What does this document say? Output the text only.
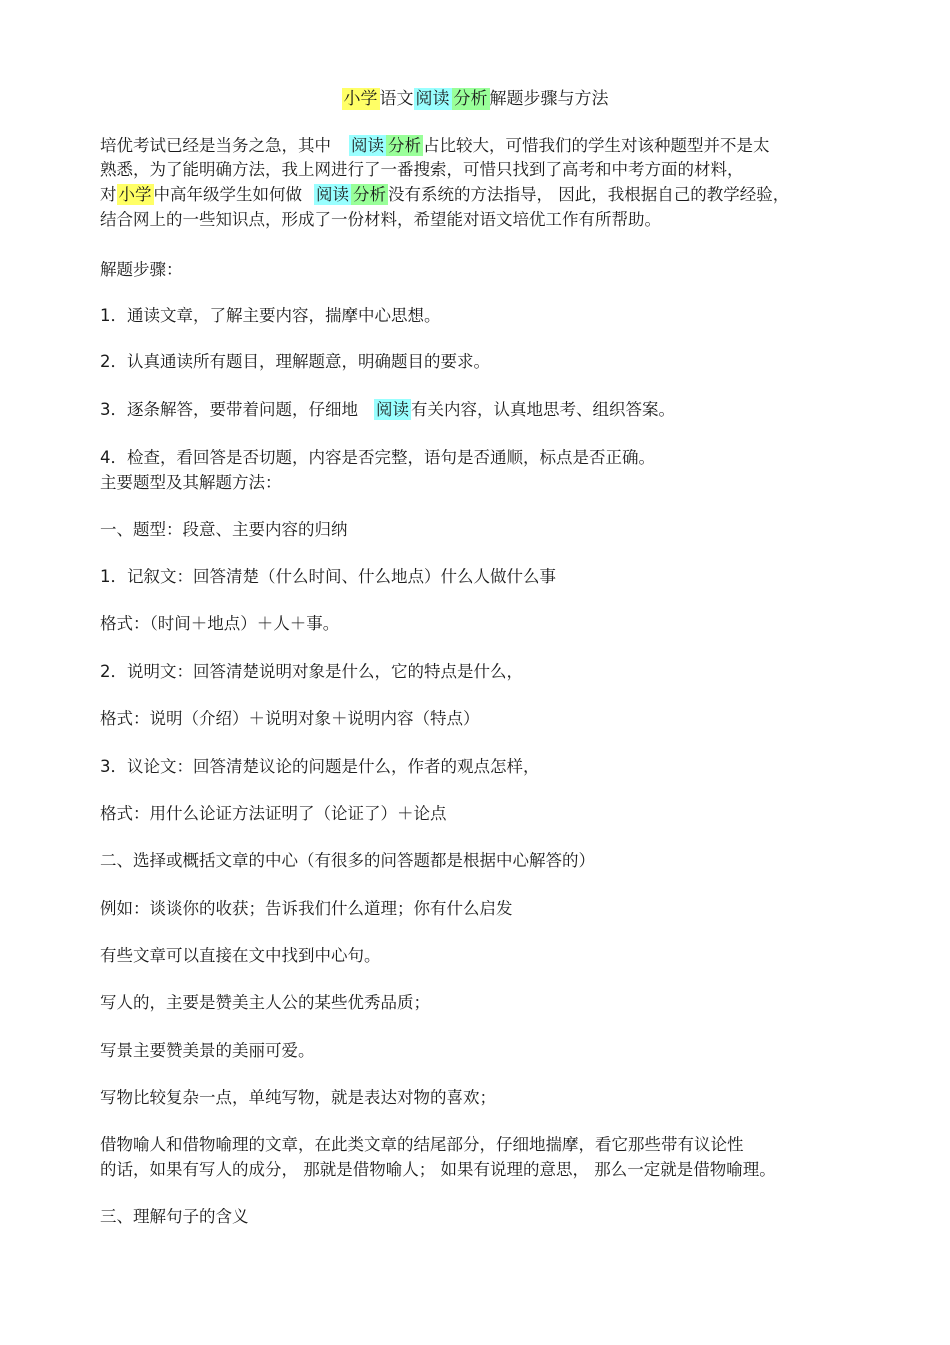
小学 语文 阅读 分析 解题步骤与方法
培优考试已经是当务之急，其中 阅读 分析 占比较大，可惜我们的学生对该种题型并不是太
熟悉，为了能明确方法，我上网进行了一番搜索，可惜只找到了高考和中考方面的材料，
对 小学 中高年级学生如何做 阅读 分析 没有系统的方法指导， 因此，我根据自己的教学经验，
结合网上的一些知识点，形成了一份材料，希望能对语文培优工作有所帮助。
解题步骤：
1．通读文章，了解主要内容，揣摩中心思想。
2．认真通读所有题目，理解题意，明确题目的要求。
3．逐条解答，要带着问题，仔细地 阅读 有关内容，认真地思考、组织答案。
4．检查，看回答是否切题，内容是否完整，语句是否通顺，标点是否正确。
主要题型及其解题方法：
一、题型：段意、主要内容的归纳
1．记叙文：回答清楚（什么时间、什么地点）什么人做什么事
格式：（时间＋地点）＋人＋事。
2．说明文：回答清楚说明对象是什么，它的特点是什么，
格式：说明（介绍）＋说明对象＋说明内容（特点）
3．议论文：回答清楚议论的问题是什么，作者的观点怎样，
格式：用什么论证方法证明了（论证了）＋论点
二、选择或概括文章的中心（有很多的问答题都是根据中心解答的）
例如：谈谈你的收获；告诉我们什么道理；你有什么启发
有些文章可以直接在文中找到中心句。
写人的，主要是赞美主人公的某些优秀品质；
写景主要赞美景的美丽可爱。
写物比较复杂一点，单纯写物，就是表达对物的喜欢；
借物喻人和借物喻理的文章，在此类文章的结尾部分，仔细地揣摩，看它那些带有议论性
的话，如果有写人的成分， 那就是借物喻人； 如果有说理的意思， 那么一定就是借物喻理。
三、理解句子的含义
